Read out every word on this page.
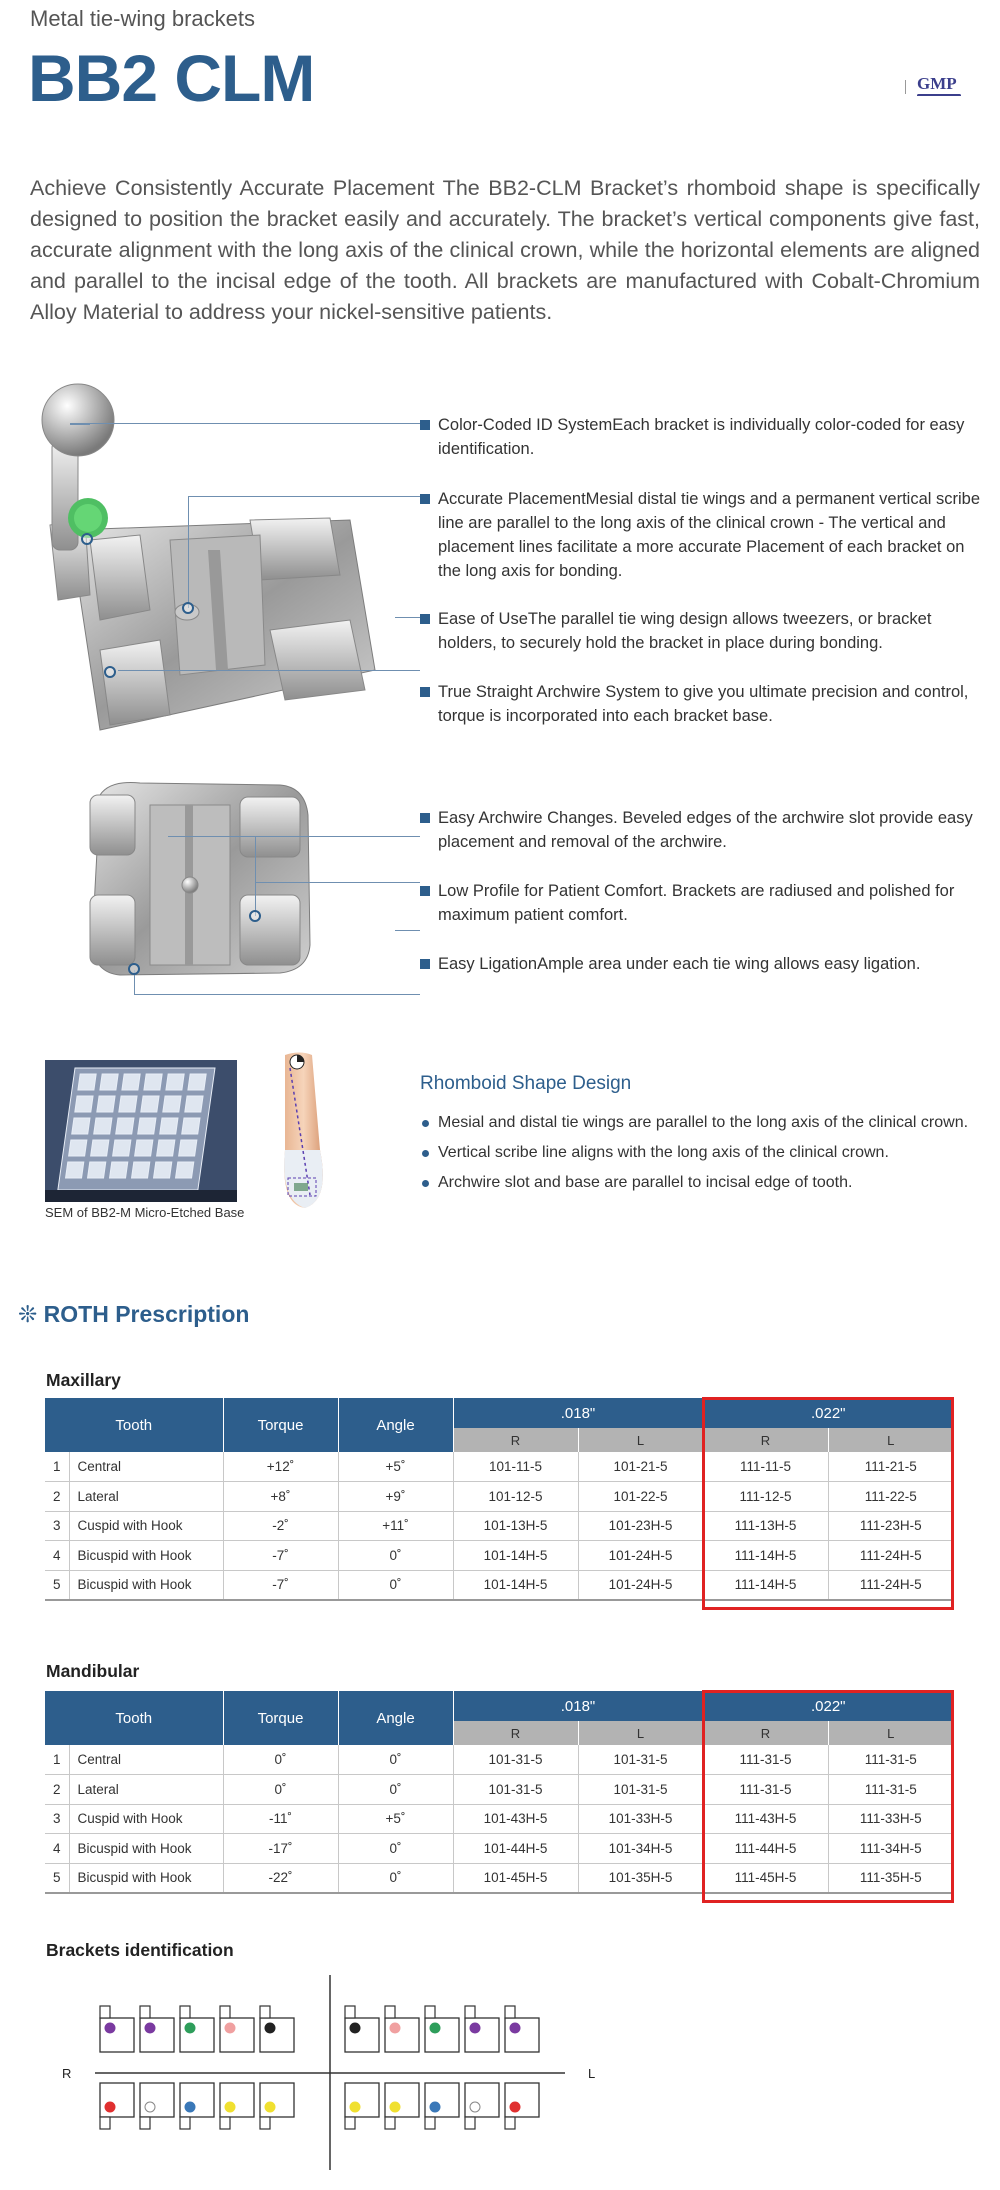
Metal tie-wing brackets
BB2 CLM	GMP
Achieve Consistently Accurate Placement The BB2-CLM Bracket’s rhomboid shape is specifically designed to position the bracket easily and accurately. The bracket’s vertical components give fast, accurate alignment with the long axis of the clinical crown, while the horizontal elements are aligned and parallel to the incisal edge of the tooth. All brackets are manufactured with Cobalt-Chromium Alloy Material to address your nickel-sensitive patients.
Color-Coded ID SystemEach bracket is individually color-coded for easy identification.
Accurate PlacementMesial distal tie wings and a permanent vertical scribe line are parallel to the long axis of the clinical crown - The vertical and placement lines facilitate a more accurate Placement of each bracket on the long axis for bonding.
Ease of UseThe parallel tie wing design allows tweezers, or bracket holders, to securely hold the bracket in place during bonding.
True Straight Archwire System to give you ultimate precision and control, torque is incorporated into each bracket base.
Easy Archwire Changes. Beveled edges of the archwire slot provide easy placement and removal of the archwire.
Low Profile for Patient Comfort. Brackets are radiused and polished for maximum patient comfort.
Easy LigationAmple area under each tie wing allows easy ligation.
SEM of BB2-M Micro-Etched Base
Rhomboid Shape Design
Mesial and distal tie wings are parallel to the long axis of the clinical crown.
Vertical scribe line aligns with the long axis of the clinical crown.
Archwire slot and base are parallel to incisal edge of tooth.
❊ ROTH Prescription
Maxillary
Tooth		Torque	Angle	.018"		.022"	
				R	L	R	L
1	Central	+12˚	+5˚	101-11-5	101-21-5	111-11-5	111-21-5
2	Lateral	+8˚	+9˚	101-12-5	101-22-5	111-12-5	111-22-5
3	Cuspid with Hook	-2˚	+11˚	101-13H-5	101-23H-5	111-13H-5	111-23H-5
4	Bicuspid with Hook	-7˚	0˚	101-14H-5	101-24H-5	111-14H-5	111-24H-5
5	Bicuspid with Hook	-7˚	0˚	101-14H-5	101-24H-5	111-14H-5	111-24H-5
Mandibular
Tooth		Torque	Angle	.018"		.022"	
				R	L	R	L
1	Central	0˚	0˚	101-31-5	101-31-5	111-31-5	111-31-5
2	Lateral	0˚	0˚	101-31-5	101-31-5	111-31-5	111-31-5
3	Cuspid with Hook	-11˚	+5˚	101-43H-5	101-33H-5	111-43H-5	111-33H-5
4	Bicuspid with Hook	-17˚	0˚	101-44H-5	101-34H-5	111-44H-5	111-34H-5
5	Bicuspid with Hook	-22˚	0˚	101-45H-5	101-35H-5	111-45H-5	111-35H-5
Brackets identification
R	L
